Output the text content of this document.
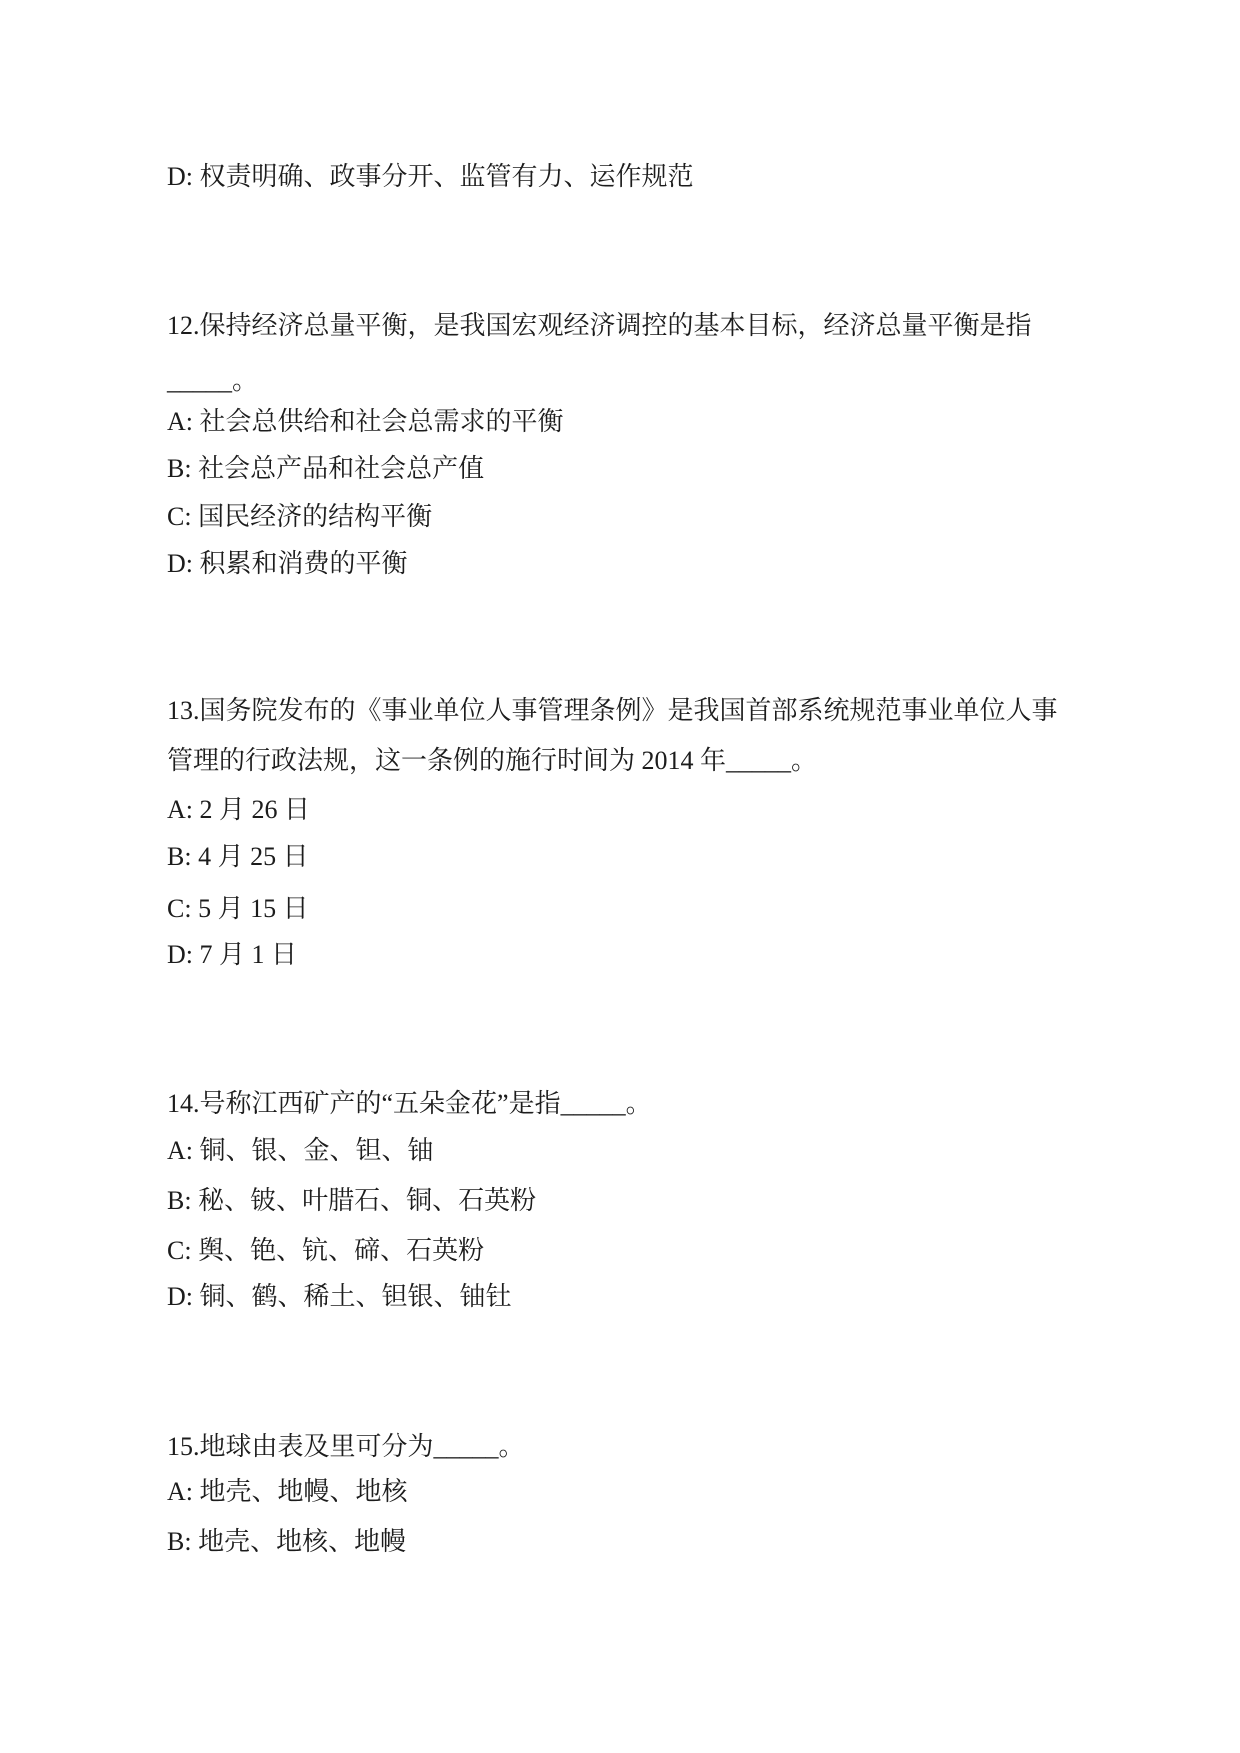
D: 权责明确、政事分开、监管有力、运作规范
12.保持经济总量平衡，是我国宏观经济调控的基本目标，经济总量平衡是指
_____。
A: 社会总供给和社会总需求的平衡
B: 社会总产品和社会总产值
C: 国民经济的结构平衡
D: 积累和消费的平衡
13.国务院发布的《事业单位人事管理条例》是我国首部系统规范事业单位人事
管理的行政法规，这一条例的施行时间为 2014 年_____。
A: 2 月 26 日
B: 4 月 25 日
C: 5 月 15 日
D: 7 月 1 日
14.号称江西矿产的“五朵金花”是指_____。
A: 铜、银、金、钽、铀
B: 秘、铍、叶腊石、铜、石英粉
C: 舆、铯、钪、碲、石英粉
D: 铜、鹤、稀土、钽银、铀钍
15.地球由表及里可分为_____。
A: 地壳、地幔、地核
B: 地壳、地核、地幔
